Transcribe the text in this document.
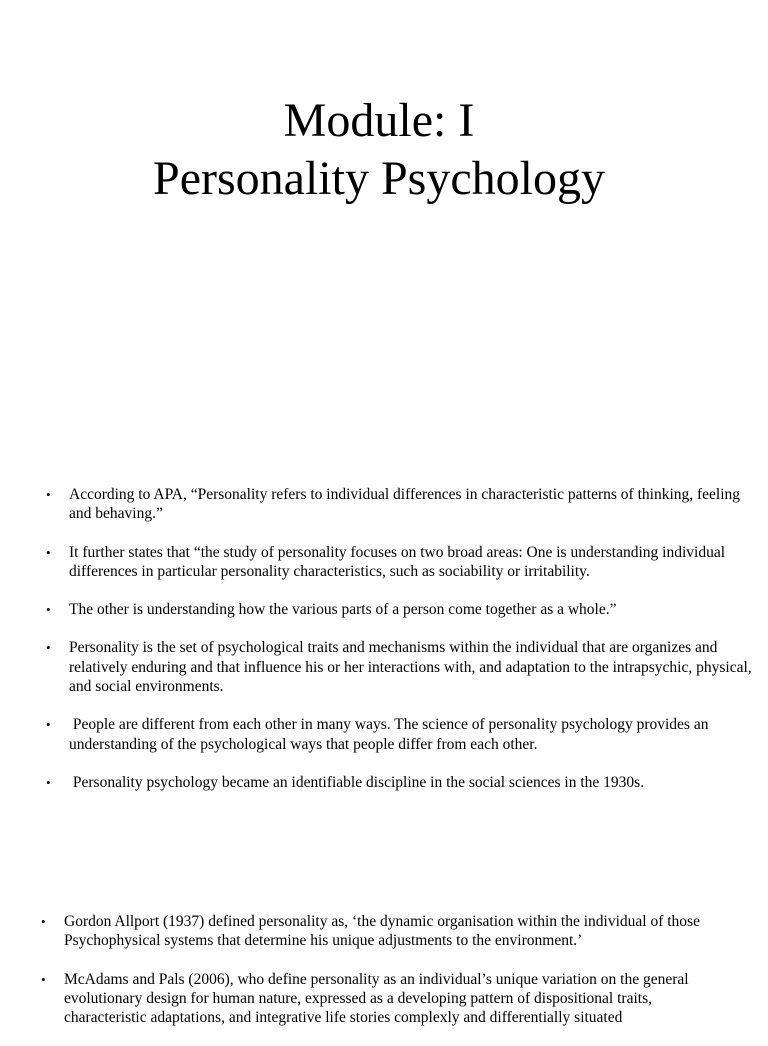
Module: I
Personality Psychology
• According to APA, “Personality refers to individual differences in characteristic patterns of thinking, feeling and behaving.”
• It further states that “the study of personality focuses on two broad areas: One is understanding individual differences in particular personality characteristics, such as sociability or irritability.
• The other is understanding how the various parts of a person come together as a whole.”
• Personality is the set of psychological traits and mechanisms within the individual that are organizes and relatively enduring and that influence his or her interactions with, and adaptation to the intrapsychic, physical, and social environments.
• People are different from each other in many ways. The science of personality psychology provides an understanding of the psychological ways that people differ from each other.
• Personality psychology became an identifiable discipline in the social sciences in the 1930s.
• Gordon Allport (1937) defined personality as, ‘the dynamic organisation within the individual of those Psychophysical systems that determine his unique adjustments to the environment.’
• McAdams and Pals (2006), who define personality as an individual’s unique variation on the general evolutionary design for human nature, expressed as a developing pattern of dispositional traits, characteristic adaptations, and integrative life stories complexly and differentially situated
